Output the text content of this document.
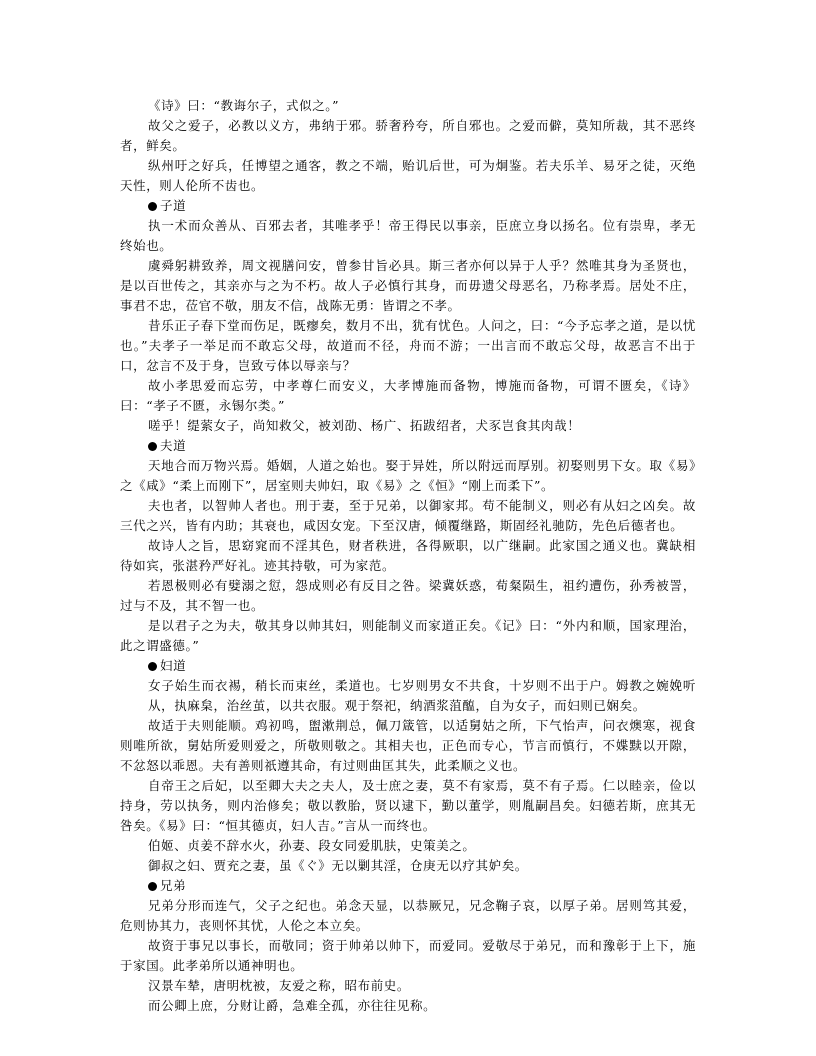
《诗》曰：“教诲尔子，式似之。”

故父之爱子，必教以义方，弗纳于邪。骄奢矜夸，所自邪也。之爱而僻，莫知所裁，其不恶终者，鲜矣。

纵州吁之好兵，任博望之通客，教之不端，贻讥后世，可为炯鉴。若夫乐羊、易牙之徒，灭绝天性，则人伦所不齿也。

子道

执一术而众善从、百邪去者，其唯孝乎！帝王得民以事亲，臣庶立身以扬名。位有崇卑，孝无终始也。

虞舜躬耕致养，周文视膳问安，曾参甘旨必具。斯三者亦何以异于人乎？然唯其身为圣贤也，是以百世传之，其亲亦与之为不朽。故人子必慎行其身，而毋遗父母恶名，乃称孝焉。居处不庄，事君不忠，莅官不敬，朋友不信，战陈无勇：皆谓之不孝。

昔乐正子春下堂而伤足，既瘳矣，数月不出，犹有忧色。人问之，曰：“今予忘孝之道，是以忧也。”夫孝子一举足而不敢忘父母，故道而不径，舟而不游；一出言而不敢忘父母，故恶言不出于口，忿言不及于身，岂致亏体以辱亲与？

故小孝思爱而忘劳，中孝尊仁而安义，大孝博施而备物，博施而备物，可谓不匮矣，《诗》曰：“孝子不匮，永锡尔类。”

嗟乎！缇萦女子，尚知救父，被刘劭、杨广、拓跋绍者，犬豕岂食其肉哉！

夫道

天地合而万物兴焉。婚姻，人道之始也。娶于异姓，所以附远而厚别。初娶则男下女。取《易》之《咸》“柔上而刚下”，居室则夫帅妇，取《易》之《恒》“刚上而柔下”。

夫也者，以智帅人者也。刑于妻，至于兄弟，以御家邦。苟不能制义，则必有从妇之凶矣。故三代之兴，皆有内助；其衰也，咸因女宠。下至汉唐，倾覆继路，斯固经礼驰防，先色后德者也。

故诗人之旨，思窈窕而不淫其色，财者秩进，各得厥职，以广继嗣。此家国之通义也。冀缺相待如宾，张湛矜严好礼。迹其持敬，可为家范。

若恩极则必有嬖溺之愆，怨成则必有反目之咎。梁冀妖惑，荀粲陨生，祖约遭伤，孙秀被詈，过与不及，其不智一也。

是以君子之为夫，敬其身以帅其妇，则能制义而家道正矣。《记》曰：“外内和顺，国家理治，此之谓盛德。”

妇道

女子始生而衣裼，稍长而束丝，柔道也。七岁则男女不共食，十岁则不出于户。姆教之婉娩听从，执麻枲，治丝茧，以共衣服。观于祭祀，纳酒浆菹醢，自为女子，而妇则已娴矣。

故适于夫则能顺。鸡初鸣，盥漱荆总，佩刀箴管，以适舅姑之所，下气怡声，问衣燠寒，视食则唯所欲，舅姑所爱则爱之，所敬则敬之。其相夫也，正色而专心，节言而慎行，不媟黩以开隙，不忿怒以乖恩。夫有善则祇遵其命，有过则曲匡其失，此柔顺之义也。

自帝王之后妃，以至卿大夫之夫人，及士庶之妻，莫不有家焉，莫不有子焉。仁以睦亲，俭以持身，劳以执务，则内治修矣；敬以教胎，贤以逮下，勤以董学，则胤嗣昌矣。妇德若斯，庶其无咎矣。《易》曰：“恒其德贞，妇人吉。”言从一而终也。

伯姬、贞姜不辞水火，孙妻、段女同爱肌肤，史策美之。

御叔之妇、贾充之妻，虽《ぐ》无以剿其淫，仓庚无以疗其妒矣。

兄弟

兄弟分形而连气，父子之纪也。弟念天显，以恭厥兄，兄念鞠子哀，以厚子弟。居则笃其爱，危则协其力，丧则怀其忧，人伦之本立矣。

故资于事兄以事长，而敬同；资于帅弟以帅下，而爱同。爱敬尽于弟兄，而和豫彰于上下，施于家国。此孝弟所以通神明也。

汉景车辇，唐明枕被，友爱之称，昭布前史。

而公卿上庶，分财让爵，急难全孤，亦往往见称。
